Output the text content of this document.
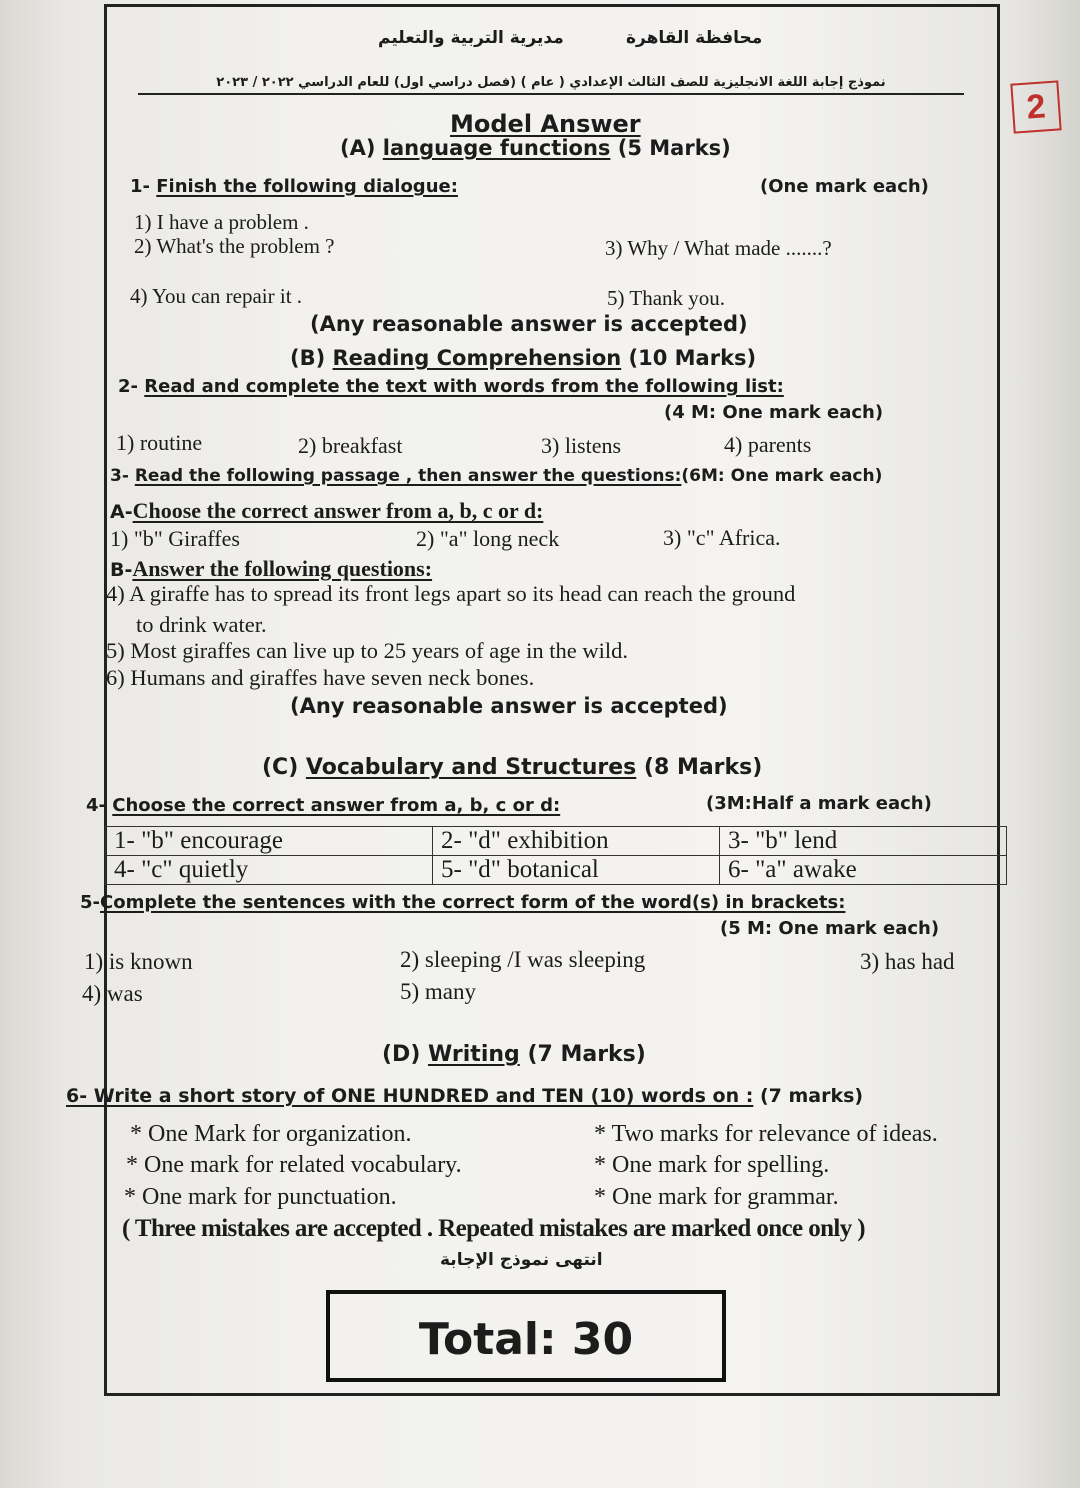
2
مديرية التربية والتعليم	محافظة القاهرة
نموذج إجابة اللغة الانجليزية للصف الثالث الإعدادي ( عام ) (فصل دراسي أول) للعام الدراسي ٢٠٢٢ / ٢٠٢٣
Model Answer
(A) language functions (5 Marks)
1- Finish the following dialogue:	(One mark each)
1) I have a problem .
2) What's the problem ?	3) Why / What made .......?
4) You can repair it .	5) Thank you.
(Any reasonable answer is accepted)
(B) Reading Comprehension (10 Marks)
2- Read and complete the text with words from the following list:
(4 M: One mark each)
1) routine	2) breakfast	3) listens	4) parents
3- Read the following passage , then answer the questions:(6M: One mark each)
A-Choose the correct answer from a, b, c or d:
1) "b" Giraffes	2) "a" long neck	3) "c" Africa.
B-Answer the following questions:
4) A giraffe has to spread its front legs apart so its head can reach the ground
to drink water.
5) Most giraffes can live up to 25 years of age in the wild.
6) Humans and giraffes have seven neck bones.
(Any reasonable answer is accepted)
(C) Vocabulary and Structures (8 Marks)
4- Choose the correct answer from a, b, c or d:	(3M:Half a mark each)
1- "b" encourage	2- "d" exhibition	3- "b" lend
4- "c" quietly	5- "d" botanical	6- "a" awake
5-Complete the sentences with the correct form of the word(s) in brackets:
(5 M: One mark each)
1) is known	2) sleeping /I was sleeping	3) has had
4) was	5) many
(D) Writing (7 Marks)
6- Write a short story of ONE HUNDRED and TEN (10) words on : (7 marks)
* One Mark for organization.	* Two marks for relevance of ideas.
* One mark for related vocabulary.	* One mark for spelling.
* One mark for punctuation.	* One mark for grammar.
( Three mistakes are accepted . Repeated mistakes are marked once only )
انتهى نموذج الإجابة
Total: 30
